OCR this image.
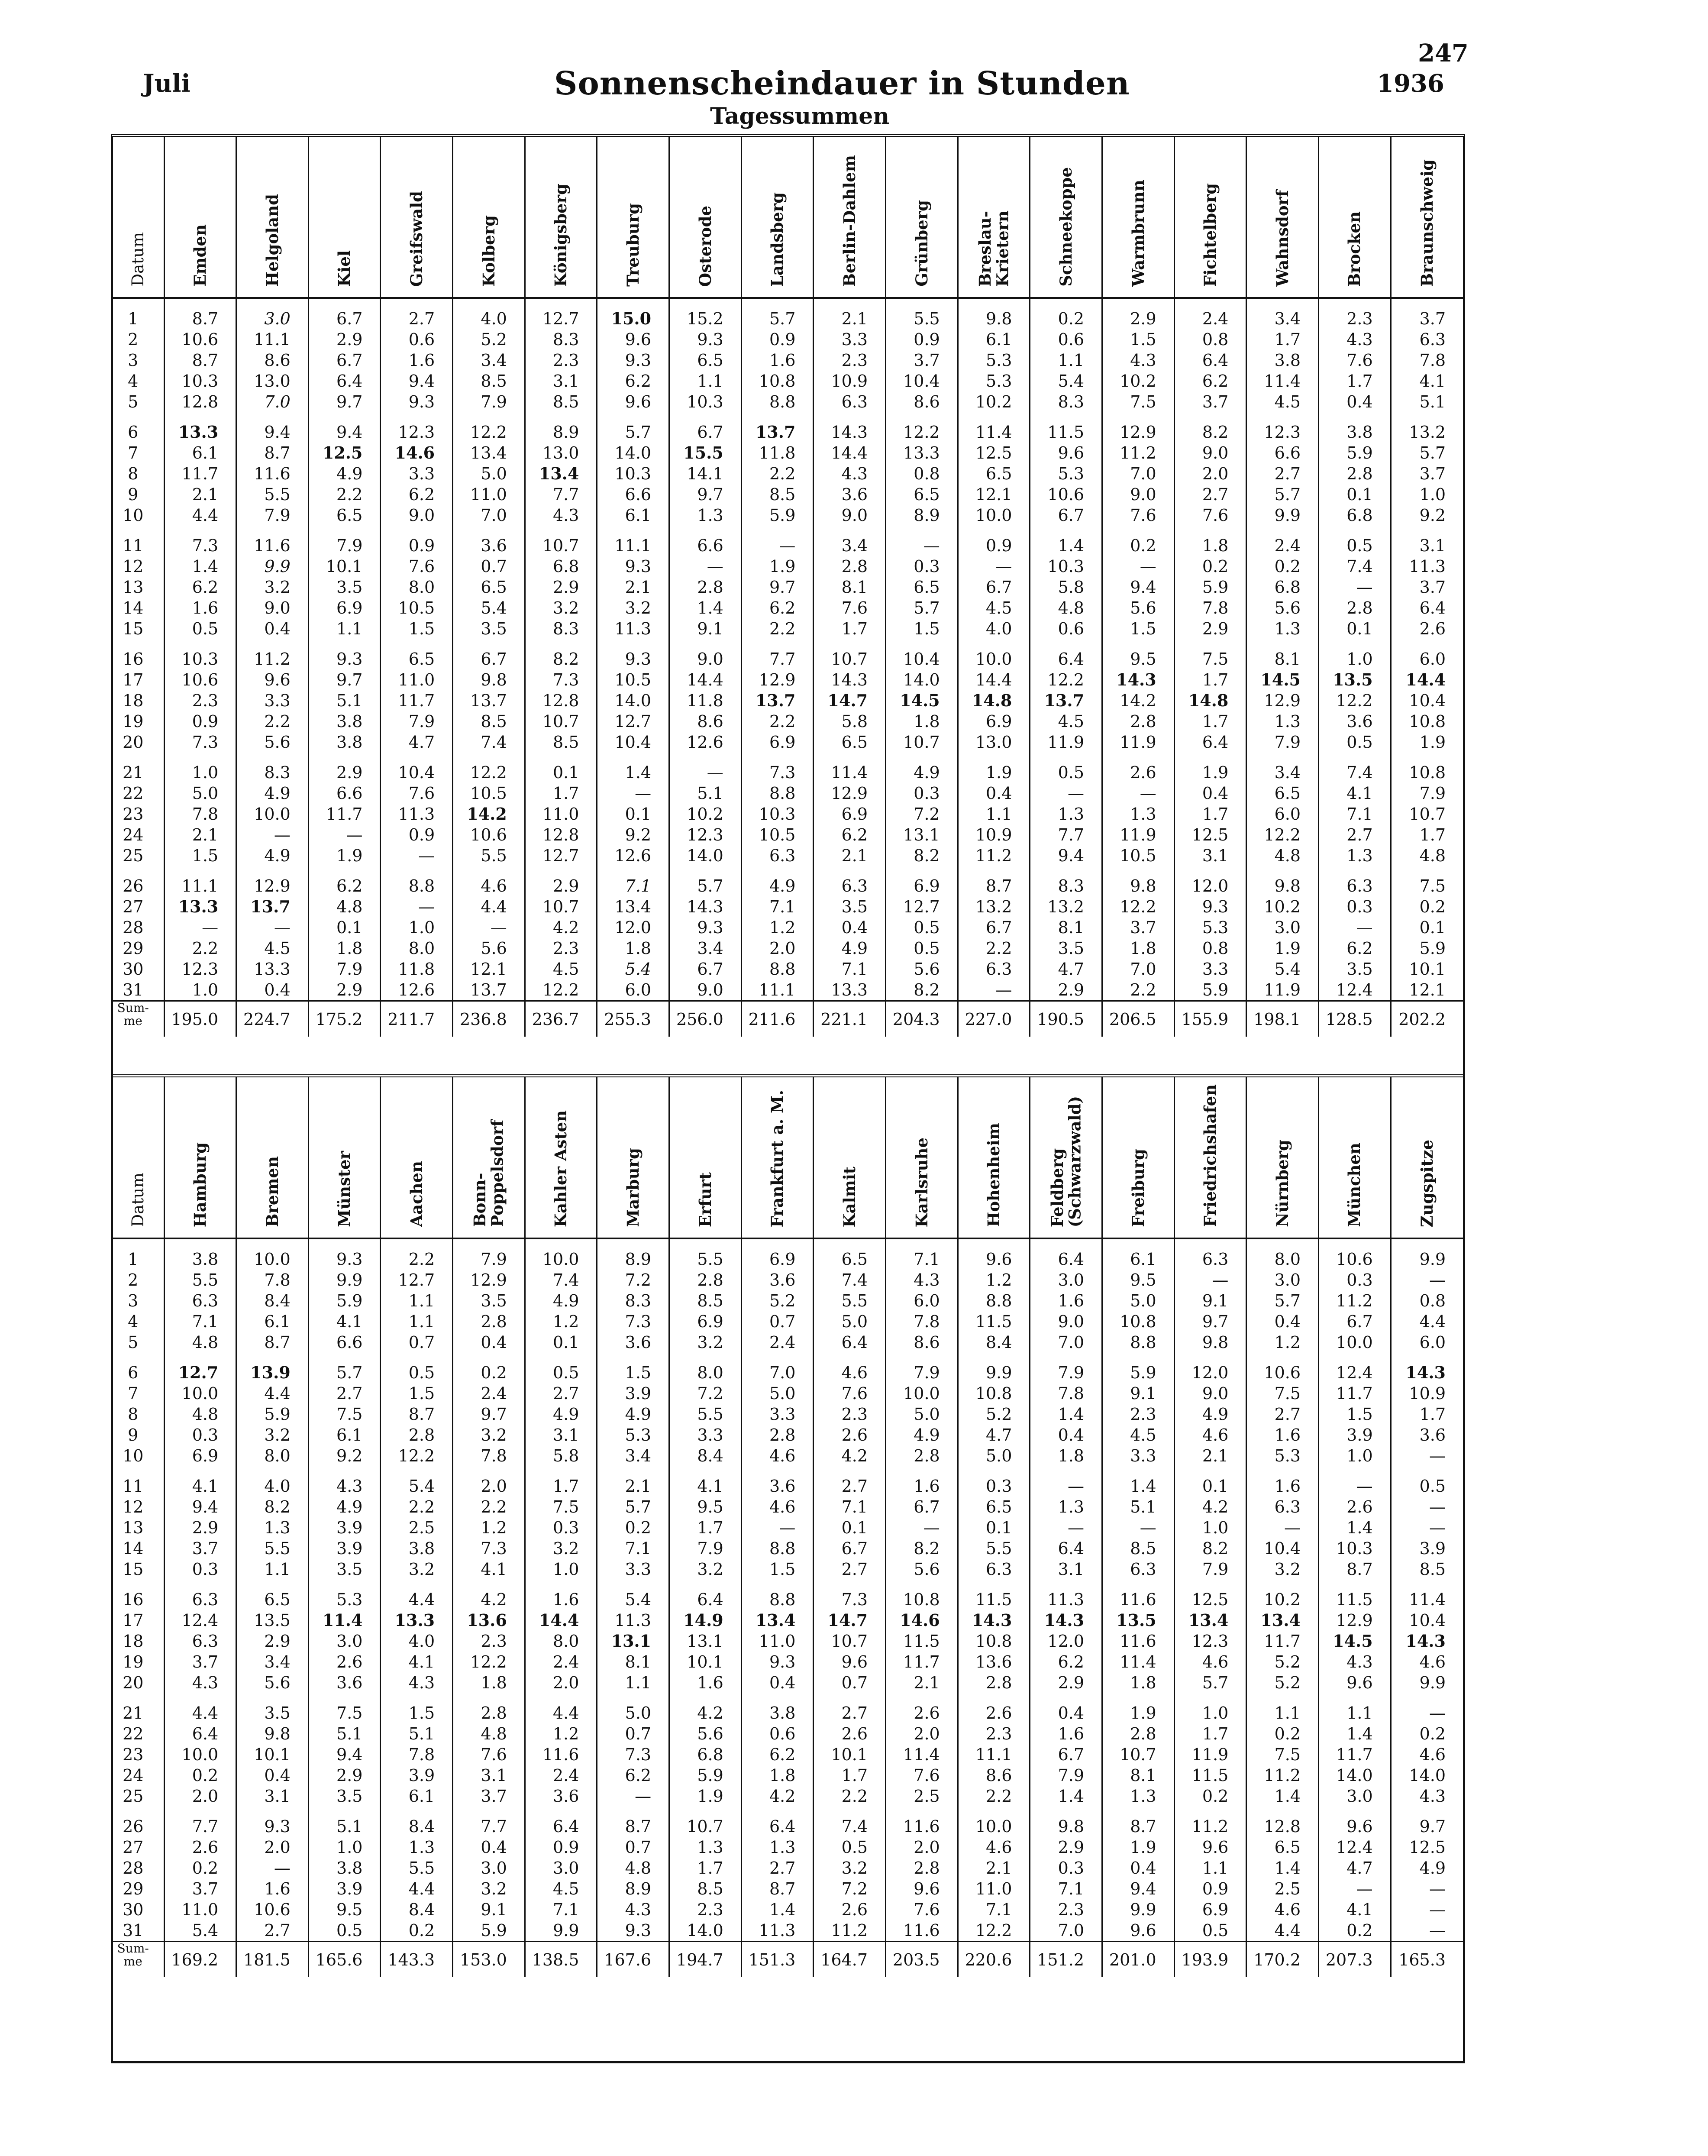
247
Juli	Sonnenscheindauer in Stunden
Tagessummen
1936
Datum	Emden	Helgoland	Kiel	Greifswald	Kolberg	Königsberg	Treuburg	Osterode	Landsberg	Berlin-Dahlem	Grünberg	Breslau-
Krietern	Schneekoppe	Warmbrunn	Fichtelberg	Wahnsdorf	Brocken	Braunschweig

1	8.7	3.0	6.7	2.7	4.0	12.7	15.0	15.2	5.7	2.1	5.5	9.8	0.2	2.9	2.4	3.4	2.3	3.7
2	10.6	11.1	2.9	0.6	5.2	8.3	9.6	9.3	0.9	3.3	0.9	6.1	0.6	1.5	0.8	1.7	4.3	6.3
3	8.7	8.6	6.7	1.6	3.4	2.3	9.3	6.5	1.6	2.3	3.7	5.3	1.1	4.3	6.4	3.8	7.6	7.8
4	10.3	13.0	6.4	9.4	8.5	3.1	6.2	1.1	10.8	10.9	10.4	5.3	5.4	10.2	6.2	11.4	1.7	4.1
5	12.8	7.0	9.7	9.3	7.9	8.5	9.6	10.3	8.8	6.3	8.6	10.2	8.3	7.5	3.7	4.5	0.4	5.1

6	13.3	9.4	9.4	12.3	12.2	8.9	5.7	6.7	13.7	14.3	12.2	11.4	11.5	12.9	8.2	12.3	3.8	13.2
7	6.1	8.7	12.5	14.6	13.4	13.0	14.0	15.5	11.8	14.4	13.3	12.5	9.6	11.2	9.0	6.6	5.9	5.7
8	11.7	11.6	4.9	3.3	5.0	13.4	10.3	14.1	2.2	4.3	0.8	6.5	5.3	7.0	2.0	2.7	2.8	3.7
9	2.1	5.5	2.2	6.2	11.0	7.7	6.6	9.7	8.5	3.6	6.5	12.1	10.6	9.0	2.7	5.7	0.1	1.0
10	4.4	7.9	6.5	9.0	7.0	4.3	6.1	1.3	5.9	9.0	8.9	10.0	6.7	7.6	7.6	9.9	6.8	9.2

11	7.3	11.6	7.9	0.9	3.6	10.7	11.1	6.6	—	3.4	—	0.9	1.4	0.2	1.8	2.4	0.5	3.1
12	1.4	9.9	10.1	7.6	0.7	6.8	9.3	—	1.9	2.8	0.3	—	10.3	—	0.2	0.2	7.4	11.3
13	6.2	3.2	3.5	8.0	6.5	2.9	2.1	2.8	9.7	8.1	6.5	6.7	5.8	9.4	5.9	6.8	—	3.7
14	1.6	9.0	6.9	10.5	5.4	3.2	3.2	1.4	6.2	7.6	5.7	4.5	4.8	5.6	7.8	5.6	2.8	6.4
15	0.5	0.4	1.1	1.5	3.5	8.3	11.3	9.1	2.2	1.7	1.5	4.0	0.6	1.5	2.9	1.3	0.1	2.6

16	10.3	11.2	9.3	6.5	6.7	8.2	9.3	9.0	7.7	10.7	10.4	10.0	6.4	9.5	7.5	8.1	1.0	6.0
17	10.6	9.6	9.7	11.0	9.8	7.3	10.5	14.4	12.9	14.3	14.0	14.4	12.2	14.3	1.7	14.5	13.5	14.4
18	2.3	3.3	5.1	11.7	13.7	12.8	14.0	11.8	13.7	14.7	14.5	14.8	13.7	14.2	14.8	12.9	12.2	10.4
19	0.9	2.2	3.8	7.9	8.5	10.7	12.7	8.6	2.2	5.8	1.8	6.9	4.5	2.8	1.7	1.3	3.6	10.8
20	7.3	5.6	3.8	4.7	7.4	8.5	10.4	12.6	6.9	6.5	10.7	13.0	11.9	11.9	6.4	7.9	0.5	1.9

21	1.0	8.3	2.9	10.4	12.2	0.1	1.4	—	7.3	11.4	4.9	1.9	0.5	2.6	1.9	3.4	7.4	10.8
22	5.0	4.9	6.6	7.6	10.5	1.7	—	5.1	8.8	12.9	0.3	0.4	—	—	0.4	6.5	4.1	7.9
23	7.8	10.0	11.7	11.3	14.2	11.0	0.1	10.2	10.3	6.9	7.2	1.1	1.3	1.3	1.7	6.0	7.1	10.7
24	2.1	—	—	0.9	10.6	12.8	9.2	12.3	10.5	6.2	13.1	10.9	7.7	11.9	12.5	12.2	2.7	1.7
25	1.5	4.9	1.9	—	5.5	12.7	12.6	14.0	6.3	2.1	8.2	11.2	9.4	10.5	3.1	4.8	1.3	4.8

26	11.1	12.9	6.2	8.8	4.6	2.9	7.1	5.7	4.9	6.3	6.9	8.7	8.3	9.8	12.0	9.8	6.3	7.5
27	13.3	13.7	4.8	—	4.4	10.7	13.4	14.3	7.1	3.5	12.7	13.2	13.2	12.2	9.3	10.2	0.3	0.2
28	—	—	0.1	1.0	—	4.2	12.0	9.3	1.2	0.4	0.5	6.7	8.1	3.7	5.3	3.0	—	0.1
29	2.2	4.5	1.8	8.0	5.6	2.3	1.8	3.4	2.0	4.9	0.5	2.2	3.5	1.8	0.8	1.9	6.2	5.9
30	12.3	13.3	7.9	11.8	12.1	4.5	5.4	6.7	8.8	7.1	5.6	6.3	4.7	7.0	3.3	5.4	3.5	10.1
31	1.0	0.4	2.9	12.6	13.7	12.2	6.0	9.0	11.1	13.3	8.2	—	2.9	2.2	5.9	11.9	12.4	12.1
Sum-
me	195.0	224.7	175.2	211.7	236.8	236.7	255.3	256.0	211.6	221.1	204.3	227.0	190.5	206.5	155.9	198.1	128.5	202.2
Datum	Hamburg	Bremen	Münster	Aachen	Bonn-
Poppelsdorf	Kahler Asten	Marburg	Erfurt	Frankfurt a. M.	Kalmit	Karlsruhe	Hohenheim	Feldberg
(Schwarzwald)	Freiburg	Friedrichshafen	Nürnberg	München	Zugspitze

1	3.8	10.0	9.3	2.2	7.9	10.0	8.9	5.5	6.9	6.5	7.1	9.6	6.4	6.1	6.3	8.0	10.6	9.9
2	5.5	7.8	9.9	12.7	12.9	7.4	7.2	2.8	3.6	7.4	4.3	1.2	3.0	9.5	—	3.0	0.3	—
3	6.3	8.4	5.9	1.1	3.5	4.9	8.3	8.5	5.2	5.5	6.0	8.8	1.6	5.0	9.1	5.7	11.2	0.8
4	7.1	6.1	4.1	1.1	2.8	1.2	7.3	6.9	0.7	5.0	7.8	11.5	9.0	10.8	9.7	0.4	6.7	4.4
5	4.8	8.7	6.6	0.7	0.4	0.1	3.6	3.2	2.4	6.4	8.6	8.4	7.0	8.8	9.8	1.2	10.0	6.0

6	12.7	13.9	5.7	0.5	0.2	0.5	1.5	8.0	7.0	4.6	7.9	9.9	7.9	5.9	12.0	10.6	12.4	14.3
7	10.0	4.4	2.7	1.5	2.4	2.7	3.9	7.2	5.0	7.6	10.0	10.8	7.8	9.1	9.0	7.5	11.7	10.9
8	4.8	5.9	7.5	8.7	9.7	4.9	4.9	5.5	3.3	2.3	5.0	5.2	1.4	2.3	4.9	2.7	1.5	1.7
9	0.3	3.2	6.1	2.8	3.2	3.1	5.3	3.3	2.8	2.6	4.9	4.7	0.4	4.5	4.6	1.6	3.9	3.6
10	6.9	8.0	9.2	12.2	7.8	5.8	3.4	8.4	4.6	4.2	2.8	5.0	1.8	3.3	2.1	5.3	1.0	—

11	4.1	4.0	4.3	5.4	2.0	1.7	2.1	4.1	3.6	2.7	1.6	0.3	—	1.4	0.1	1.6	—	0.5
12	9.4	8.2	4.9	2.2	2.2	7.5	5.7	9.5	4.6	7.1	6.7	6.5	1.3	5.1	4.2	6.3	2.6	—
13	2.9	1.3	3.9	2.5	1.2	0.3	0.2	1.7	—	0.1	—	0.1	—	—	1.0	—	1.4	—
14	3.7	5.5	3.9	3.8	7.3	3.2	7.1	7.9	8.8	6.7	8.2	5.5	6.4	8.5	8.2	10.4	10.3	3.9
15	0.3	1.1	3.5	3.2	4.1	1.0	3.3	3.2	1.5	2.7	5.6	6.3	3.1	6.3	7.9	3.2	8.7	8.5

16	6.3	6.5	5.3	4.4	4.2	1.6	5.4	6.4	8.8	7.3	10.8	11.5	11.3	11.6	12.5	10.2	11.5	11.4
17	12.4	13.5	11.4	13.3	13.6	14.4	11.3	14.9	13.4	14.7	14.6	14.3	14.3	13.5	13.4	13.4	12.9	10.4
18	6.3	2.9	3.0	4.0	2.3	8.0	13.1	13.1	11.0	10.7	11.5	10.8	12.0	11.6	12.3	11.7	14.5	14.3
19	3.7	3.4	2.6	4.1	12.2	2.4	8.1	10.1	9.3	9.6	11.7	13.6	6.2	11.4	4.6	5.2	4.3	4.6
20	4.3	5.6	3.6	4.3	1.8	2.0	1.1	1.6	0.4	0.7	2.1	2.8	2.9	1.8	5.7	5.2	9.6	9.9

21	4.4	3.5	7.5	1.5	2.8	4.4	5.0	4.2	3.8	2.7	2.6	2.6	0.4	1.9	1.0	1.1	1.1	—
22	6.4	9.8	5.1	5.1	4.8	1.2	0.7	5.6	0.6	2.6	2.0	2.3	1.6	2.8	1.7	0.2	1.4	0.2
23	10.0	10.1	9.4	7.8	7.6	11.6	7.3	6.8	6.2	10.1	11.4	11.1	6.7	10.7	11.9	7.5	11.7	4.6
24	0.2	0.4	2.9	3.9	3.1	2.4	6.2	5.9	1.8	1.7	7.6	8.6	7.9	8.1	11.5	11.2	14.0	14.0
25	2.0	3.1	3.5	6.1	3.7	3.6	—	1.9	4.2	2.2	2.5	2.2	1.4	1.3	0.2	1.4	3.0	4.3

26	7.7	9.3	5.1	8.4	7.7	6.4	8.7	10.7	6.4	7.4	11.6	10.0	9.8	8.7	11.2	12.8	9.6	9.7
27	2.6	2.0	1.0	1.3	0.4	0.9	0.7	1.3	1.3	0.5	2.0	4.6	2.9	1.9	9.6	6.5	12.4	12.5
28	0.2	—	3.8	5.5	3.0	3.0	4.8	1.7	2.7	3.2	2.8	2.1	0.3	0.4	1.1	1.4	4.7	4.9
29	3.7	1.6	3.9	4.4	3.2	4.5	8.9	8.5	8.7	7.2	9.6	11.0	7.1	9.4	0.9	2.5	—	—
30	11.0	10.6	9.5	8.4	9.1	7.1	4.3	2.3	1.4	2.6	7.6	7.1	2.3	9.9	6.9	4.6	4.1	—
31	5.4	2.7	0.5	0.2	5.9	9.9	9.3	14.0	11.3	11.2	11.6	12.2	7.0	9.6	0.5	4.4	0.2	—
Sum-
me	169.2	181.5	165.6	143.3	153.0	138.5	167.6	194.7	151.3	164.7	203.5	220.6	151.2	201.0	193.9	170.2	207.3	165.3
